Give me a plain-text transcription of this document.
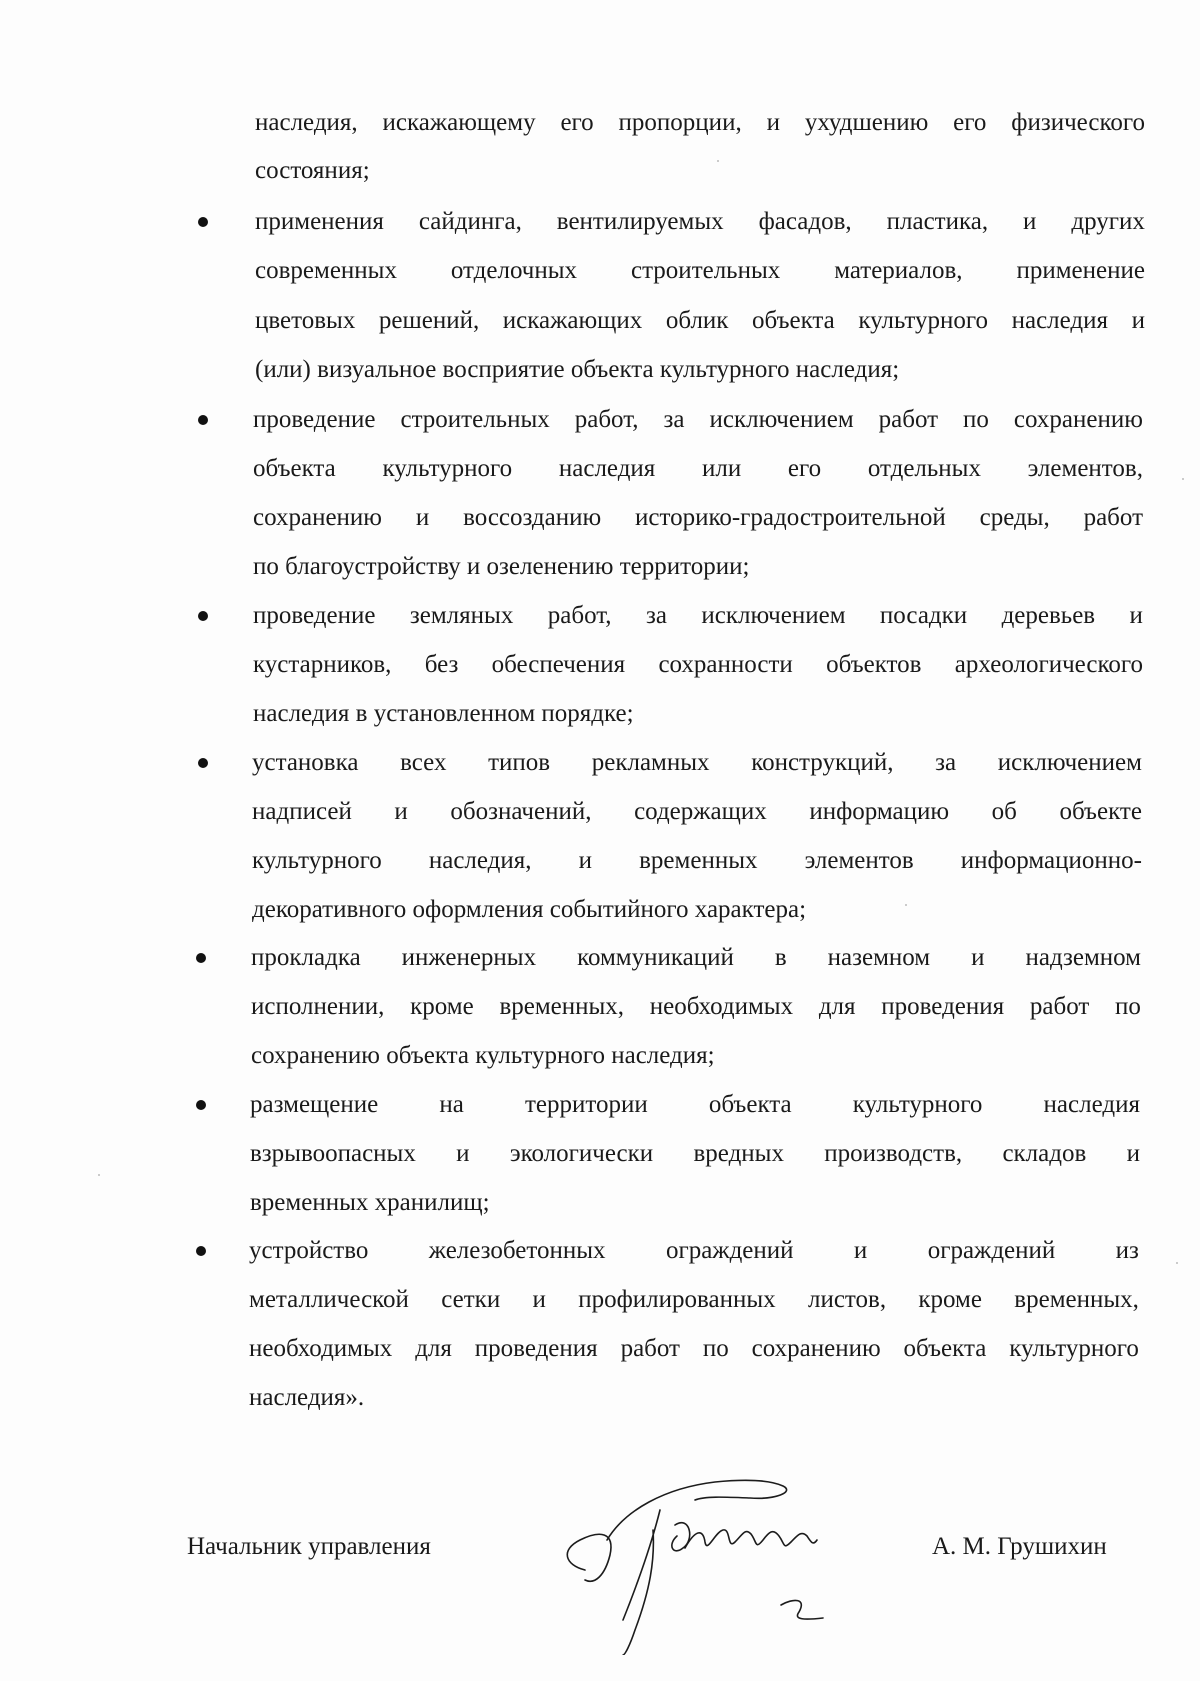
наследия, искажающему его пропорции, и ухудшению его физического
состояния;
применения сайдинга, вентилируемых фасадов, пластика, и других
современных отделочных строительных материалов, применение
цветовых решений, искажающих облик объекта культурного наследия и
(или) визуальное восприятие объекта культурного наследия;
проведение строительных работ, за исключением работ по сохранению
объекта культурного наследия или его отдельных элементов,
сохранению и воссозданию историко-градостроительной среды, работ
по благоустройству и озеленению территории;
проведение земляных работ, за исключением посадки деревьев и
кустарников, без обеспечения сохранности объектов археологического
наследия в установленном порядке;
установка всех типов рекламных конструкций, за исключением
надписей и обозначений, содержащих информацию об объекте
культурного наследия, и временных элементов информационно-
декоративного оформления событийного характера;
прокладка инженерных коммуникаций в наземном и надземном
исполнении, кроме временных, необходимых для проведения работ по
сохранению объекта культурного наследия;
размещение на территории объекта культурного наследия
взрывоопасных и экологически вредных производств, складов и
временных хранилищ;
устройство железобетонных ограждений и ограждений из
металлической сетки и профилированных листов, кроме временных,
необходимых для проведения работ по сохранению объекта культурного
наследия».
Начальник управления	А. М. Грушихин
